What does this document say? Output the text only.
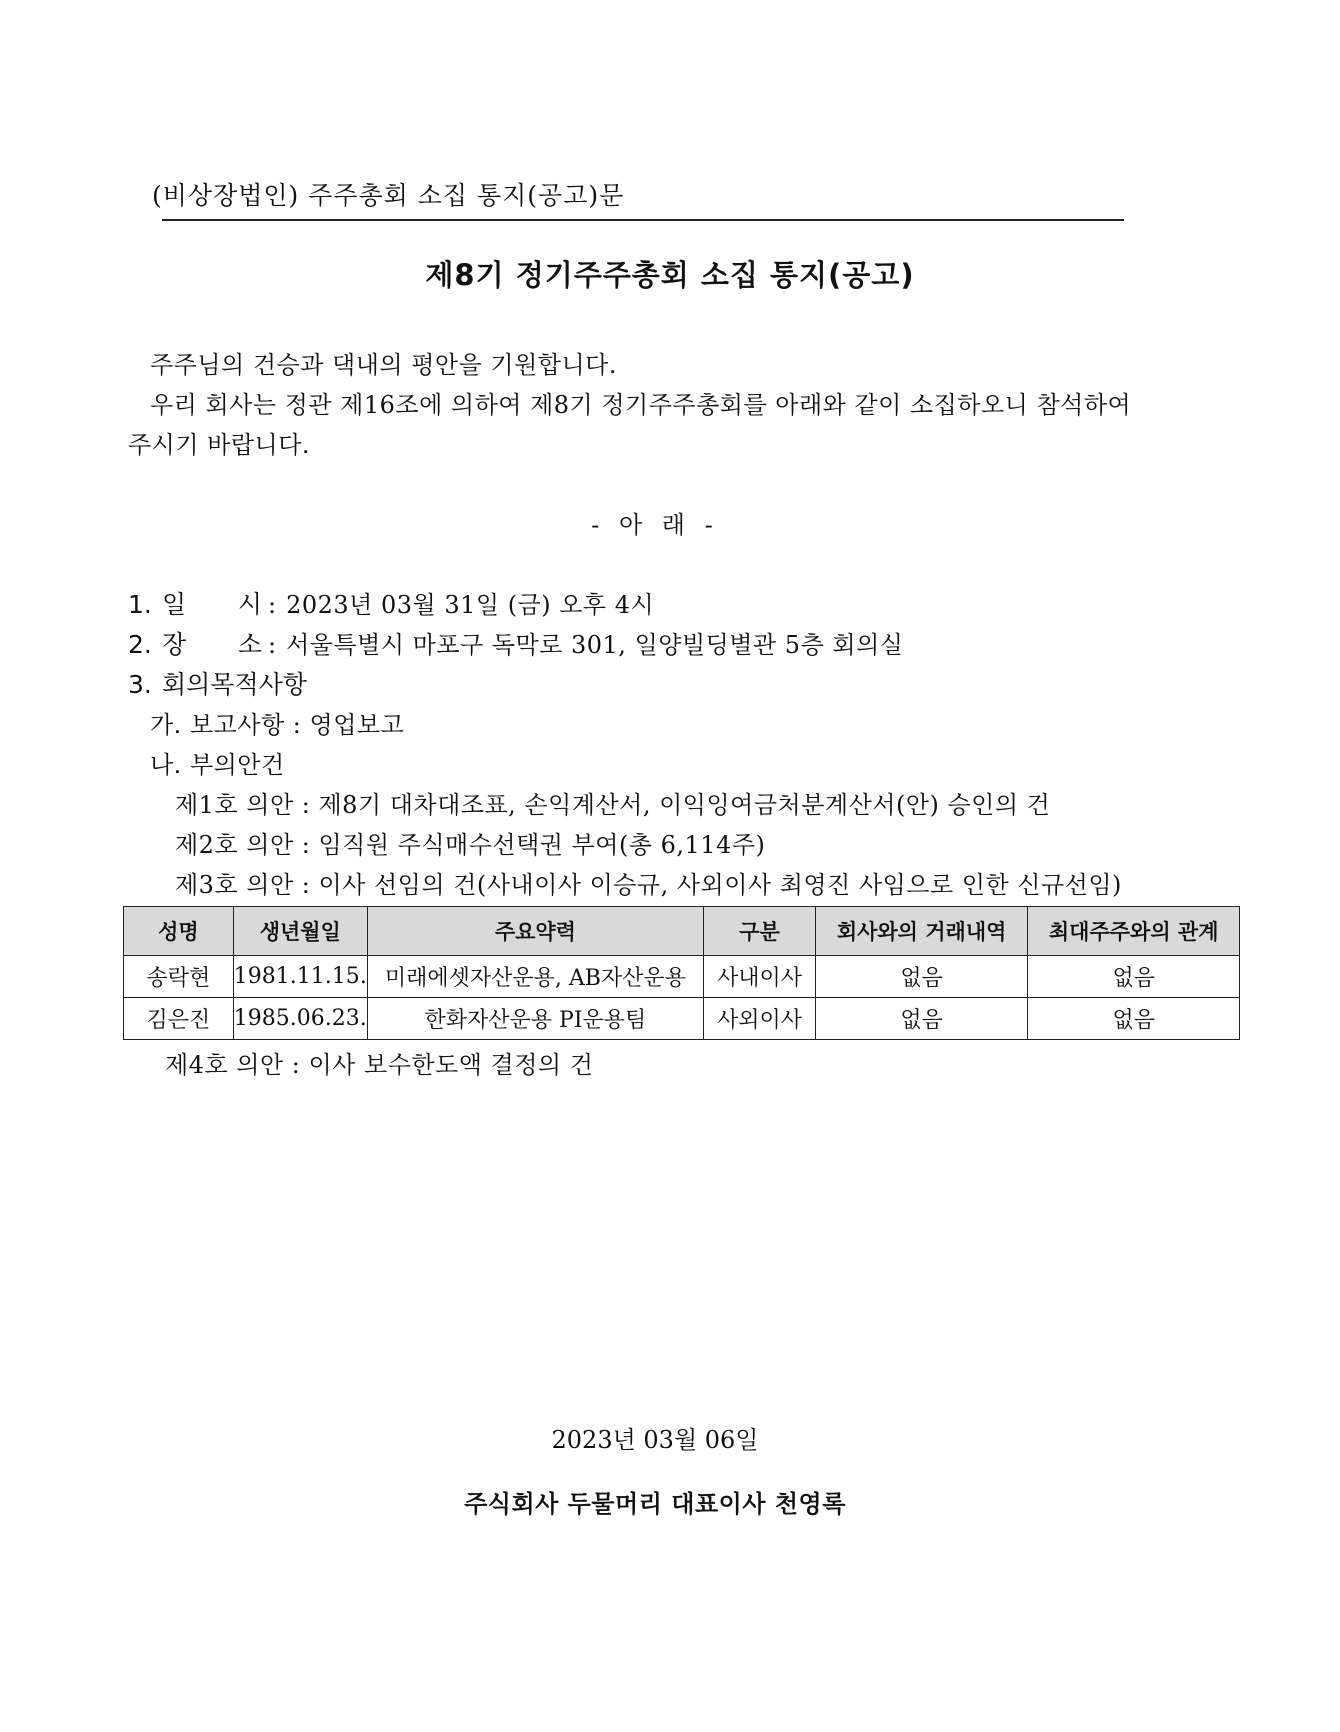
(비상장법인) 주주총회 소집 통지(공고)문
제8기 정기주주총회 소집 통지(공고)
주주님의 건승과 댁내의 평안을 기원합니다.
우리 회사는 정관 제16조에 의하여 제8기 정기주주총회를 아래와 같이 소집하오니 참석하여
주시기 바랍니다.
- 아 래 -
1. 일 시 : 2023년 03월 31일 (금) 오후 4시
2. 장 소 : 서울특별시 마포구 독막로 301, 일양빌딩별관 5층 회의실
3. 회의목적사항
가. 보고사항 : 영업보고
나. 부의안건
제1호 의안 : 제8기 대차대조표, 손익계산서, 이익잉여금처분계산서(안) 승인의 건
제2호 의안 : 임직원 주식매수선택권 부여(총 6,114주)
제3호 의안 : 이사 선임의 건(사내이사 이승규, 사외이사 최영진 사임으로 인한 신규선임)
성명	생년월일	주요약력	구분	회사와의 거래내역	최대주주와의 관계
송락현	1981.11.15.	미래에셋자산운용, AB자산운용	사내이사	없음	없음
김은진	1985.06.23.	한화자산운용 PI운용팀	사외이사	없음	없음
제4호 의안 : 이사 보수한도액 결정의 건
2023년 03월 06일
주식회사 두물머리 대표이사 천영록
